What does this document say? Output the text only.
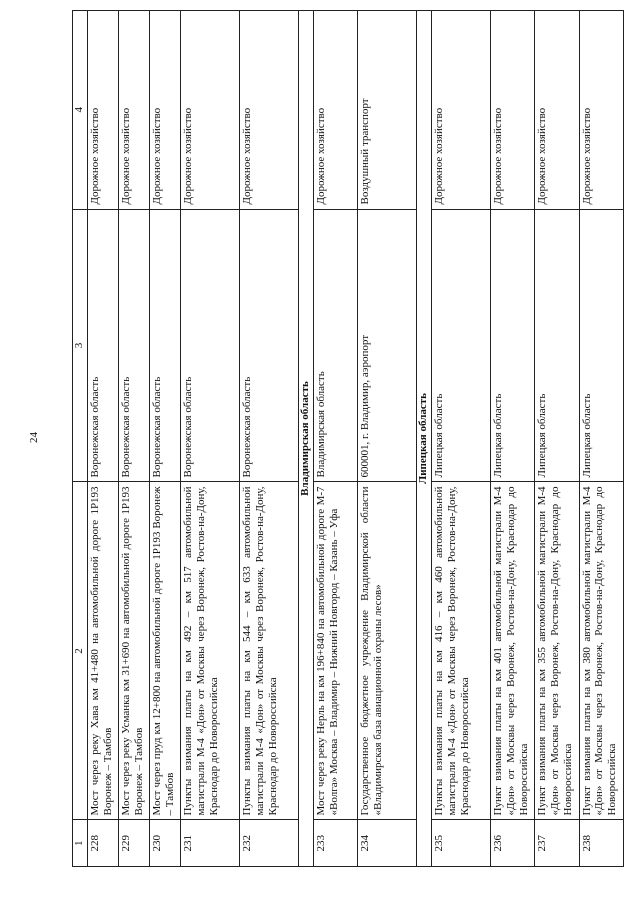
24
1	2	3	4
228	Мост через реку Хава км 41+480 на автомобильной дороге 1Р193 Воронеж – Тамбов	Воронежская область	Дорожное хозяйство
229	Мост через реку Усманка км 31+690 на автомобильной дороге 1Р193 Воронеж – Тамбов	Воронежская область	Дорожное хозяйство
230	Мост через пруд км 12+800 на автомобильной дороге 1Р193 Воронеж – Тамбов	Воронежская область	Дорожное хозяйство
231	Пункты взимания платы на км 492 – км 517 автомобильной магистрали М-4 «Дон» от Москвы через Воронеж, Ростов-на-Дону, Краснодар до Новороссийска	Воронежская область	Дорожное хозяйство
232	Пункты взимания платы на км 544 – км 633 автомобильной магистрали М-4 «Дон» от Москвы через Воронеж, Ростов-на-Дону, Краснодар до Новороссийска	Воронежская область	Дорожное хозяйство
Владимирская область			
233	Мост через реку Нерль на км 196+840 на автомобильной дороге М-7 «Волга» Москва – Владимир – Нижний Новгород – Казань – Уфа	Владимирская область	Дорожное хозяйство
234	Государственное бюджетное учреждение Владимирской области «Владимирская база авиационной охраны лесов»	600001, г. Владимир, аэропорт	Воздушный транспорт
Липецкая область			
235	Пункты взимания платы на км 416 – км 460 автомобильной магистрали М-4 «Дон» от Москвы через Воронеж, Ростов-на-Дону, Краснодар до Новороссийска	Липецкая область	Дорожное хозяйство
236	Пункт взимания платы на км 401 автомобильной магистрали М-4 «Дон» от Москвы через Воронеж, Ростов-на-Дону, Краснодар до Новороссийска	Липецкая область	Дорожное хозяйство
237	Пункт взимания платы на км 355 автомобильной магистрали М-4 «Дон» от Москвы через Воронеж, Ростов-на-Дону, Краснодар до Новороссийска	Липецкая область	Дорожное хозяйство
238	Пункт взимания платы на км 380 автомобильной магистрали М-4 «Дон» от Москвы через Воронеж, Ростов-на-Дону, Краснодар до Новороссийска	Липецкая область	Дорожное хозяйство
